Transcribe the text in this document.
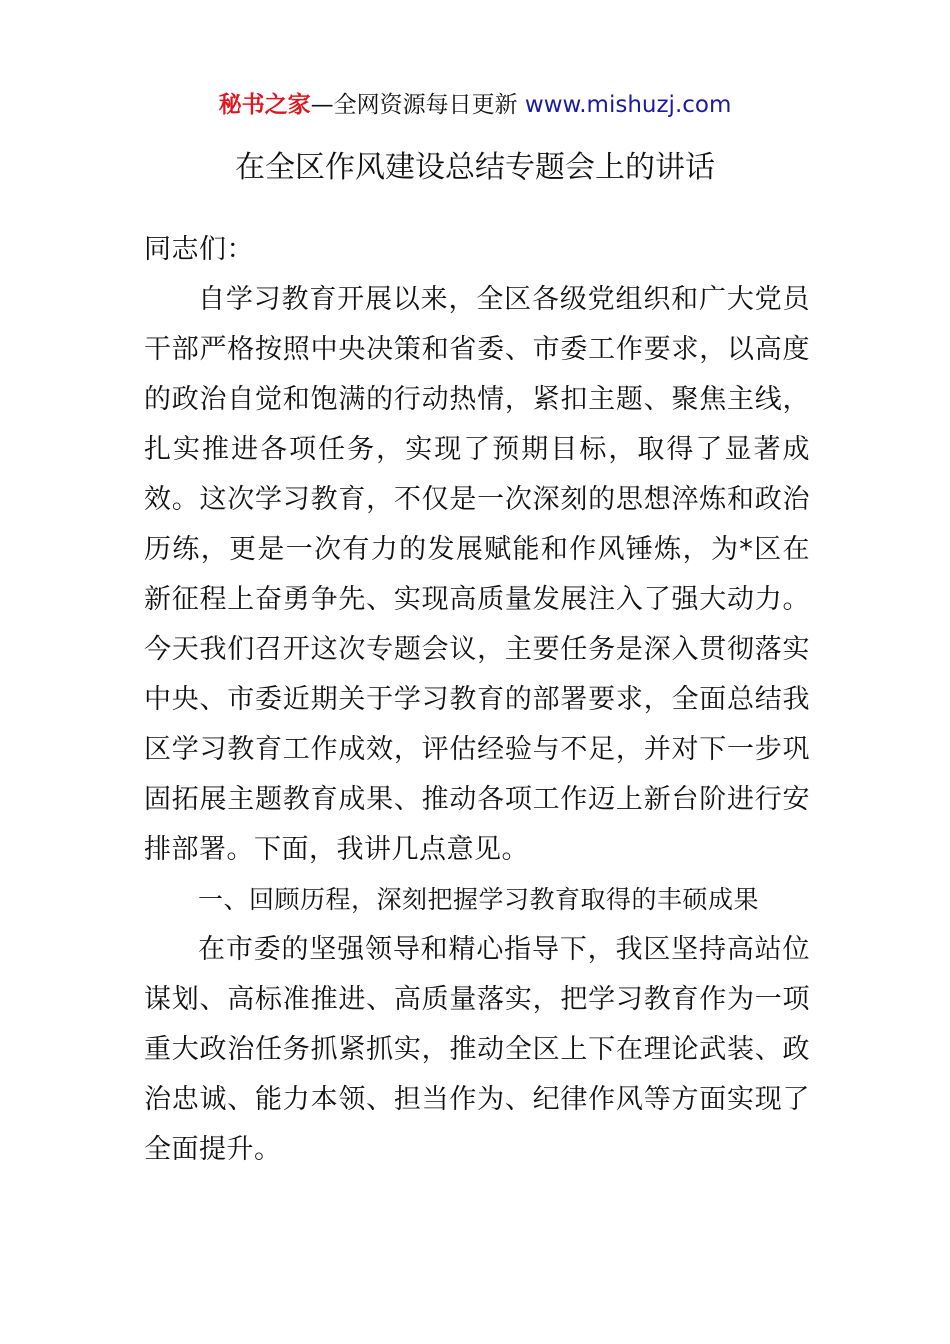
秘书之家—全网资源每日更新 www.mishuzj.com
在全区作风建设总结专题会上的讲话

同志们：

自学习教育开展以来，全区各级党组织和广大党员干部严格按照中央决策和省委、市委工作要求，以高度的政治自觉和饱满的行动热情，紧扣主题、聚焦主线，扎实推进各项任务，实现了预期目标，取得了显著成效。这次学习教育，不仅是一次深刻的思想淬炼和政治历练，更是一次有力的发展赋能和作风锤炼，为*区在新征程上奋勇争先、实现高质量发展注入了强大动力。今天我们召开这次专题会议，主要任务是深入贯彻落实中央、市委近期关于学习教育的部署要求，全面总结我区学习教育工作成效，评估经验与不足，并对下一步巩固拓展主题教育成果、推动各项工作迈上新台阶进行安排部署。下面，我讲几点意见。

一、回顾历程，深刻把握学习教育取得的丰硕成果

在市委的坚强领导和精心指导下，我区坚持高站位谋划、高标准推进、高质量落实，把学习教育作为一项重大政治任务抓紧抓实，推动全区上下在理论武装、政治忠诚、能力本领、担当作为、纪律作风等方面实现了全面提升。
